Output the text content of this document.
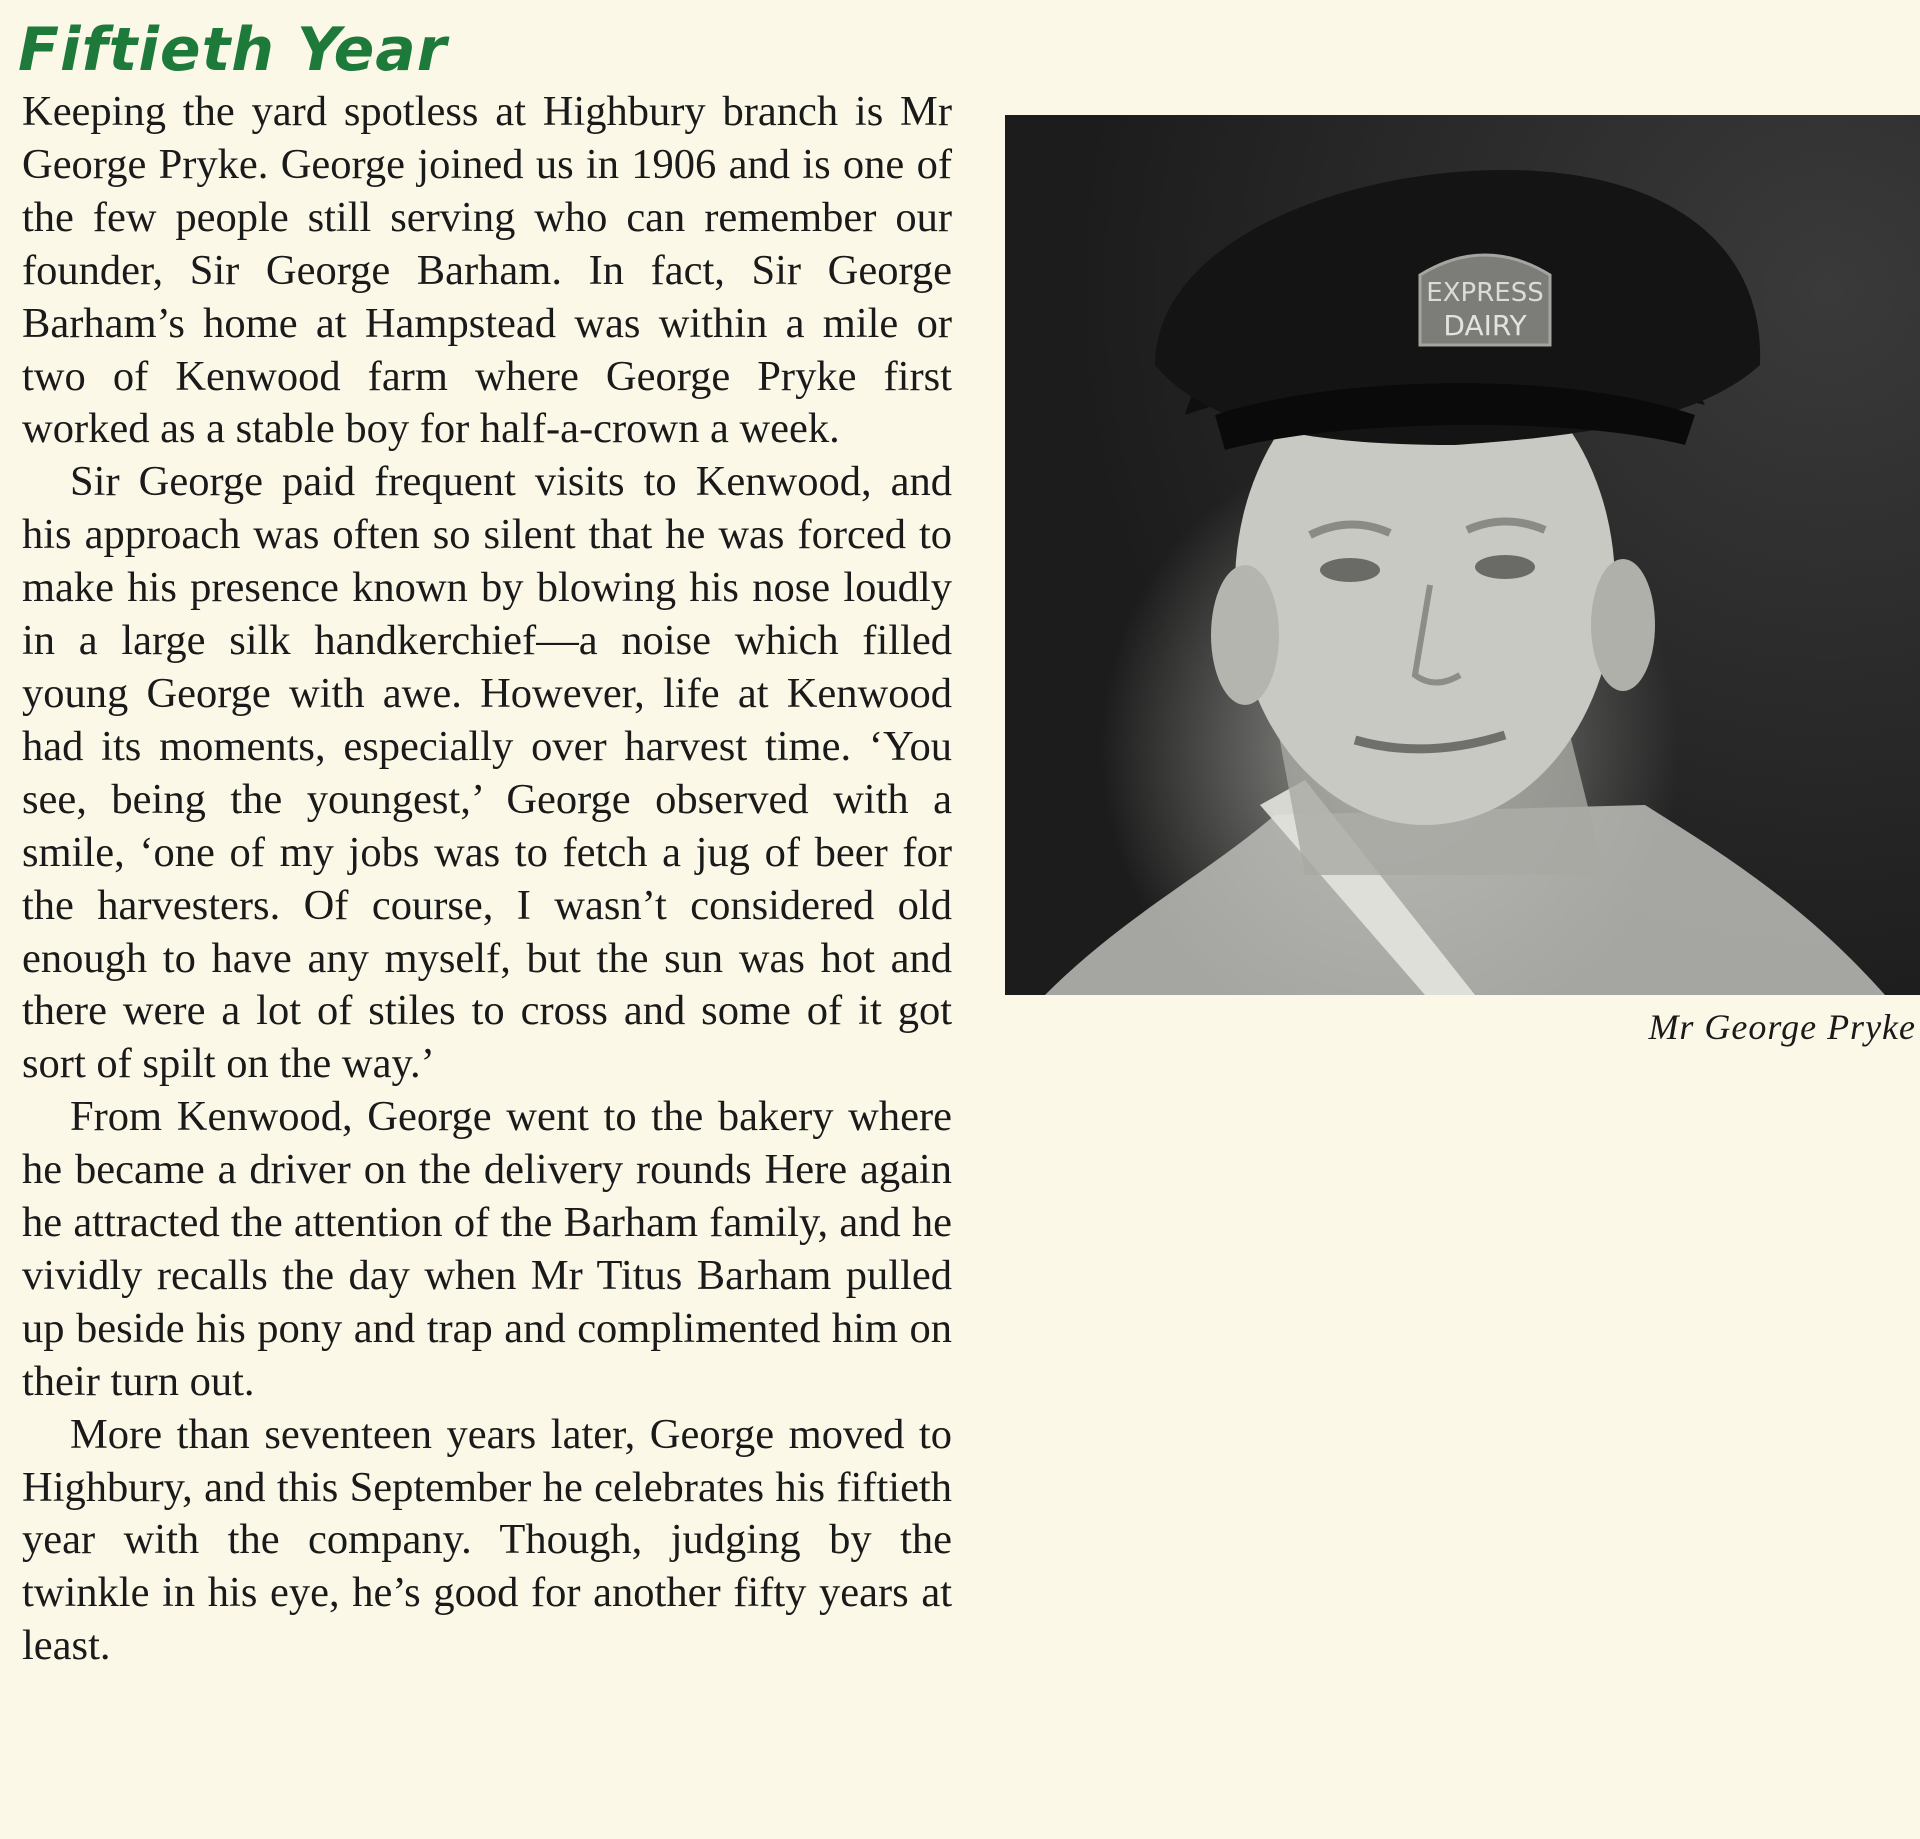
Fiftieth Year

Keeping the yard spotless at Highbury branch is Mr George Pryke. George joined us in 1906 and is one of the few people still serving who can remember our founder, Sir George Barham. In fact, Sir George Barham’s home at Hampstead was within a mile or two of Kenwood farm where George Pryke first worked as a stable boy for half-a-crown a week.

Sir George paid frequent visits to Kenwood, and his approach was often so silent that he was forced to make his presence known by blowing his nose loudly in a large silk handkerchief—a noise which filled young George with awe. However, life at Kenwood had its moments, especially over harvest time. ‘You see, being the youngest,’ George observed with a smile, ‘one of my jobs was to fetch a jug of beer for the harvesters. Of course, I wasn’t considered old enough to have any myself, but the sun was hot and there were a lot of stiles to cross and some of it got sort of spilt on the way.’

From Kenwood, George went to the bakery where he became a driver on the delivery rounds Here again he attracted the attention of the Barham family, and he vividly recalls the day when Mr Titus Barham pulled up beside his pony and trap and complimented him on their turn out.

More than seventeen years later, George moved to Highbury, and this September he celebrates his fiftieth year with the company. Though, judging by the twinkle in his eye, he’s good for another fifty years at least.

EXPRESS
DAIRY

Mr George Pryke
